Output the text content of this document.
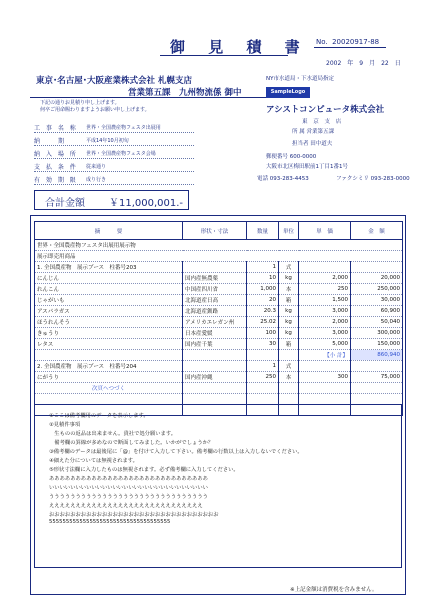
御 見 積 書 No. 20020917-88
2002　年　9　月　22　日
東京･名古屋･大阪産業株式会社 札幌支店
営業第五課　九州物流係 御中
下記の通りお見積り申し上げます。
何卒ご用命賜わりますようお願い申し上げます。
工 事 名 称 世界・全国農産物フェスタ出展用
納　　期	平成14年10月初旬
納 入 場 所 世界・全国農産物フェスタ会場
支 払 条 件 従来通り
有 効 期 限 成り行き
合計金額 ￥11,000,001.-
NY市水道局・下水道局指定
SampleLogo
アシストコンピュータ株式会社
東 京 支 店
所 属 営業第五課
担当者 田中道夫
郵便番号 600-0000
大阪市北区梅田駅前1丁目1番1号
電話 093-283-4453	ファクシミリ 093-283-0000
摘　　　要	形状・寸法	数量	単位	単　価	金　額
世界・全国農産物フェスタ出展用展示物					
展示即売用商品					
1. 全国農産物　展示ブース　柱番号203		1	式		
にんじん	国内産無農薬	10	kg	2,000	20,000
れんこん	中国産四川省	1,000	本	250	250,000
じゃがいも	北海道産日高	20	箱	1,500	30,000
アスパラガス	北海道産釧路	20.3	kg	3,000	60,900
ほうれんそう	アメリカエレガン州	25.02	kg	2,000	50,040
きゅうり	日本産愛媛	100	kg	3,000	300,000
レタス	国内産千葉	30	箱	5,000	150,000
				【小 計】	860,940
2. 全国農産物　展示ブース　柱番号204		1	式		
にがうり	国内産沖縄	250	本	300	75,000
次頁へつづく					

①ここは備考欄用のデータを表示します。
②見積件事項
　生ものの返品は出来ません。貴社で処分願います。
　備考欄の罫線が多めなので断面してみました。いかがでしょうか？
③備考欄のデータは最後尾に「@」を付けて入力して下さい。備考欄の行数以上は入力しないでください。
④細えた分については無視されます。
⑤形状寸法欄に入力したものは無視されます。必ず備考欄に入力してください。
ああああああああああああああああああああああああああああああ
いいいいいいいいいいいいいいいいいいいいいいいいいいいいいい
うううううううううううううううううううううううううううううう
えええええええええええええええええええええええええええええ
おおおおおおおおおおおおおおおおおおおおおおおおおおおおおおおお
555555555555555555555555555555555555
※上記金額は消費税を含みません。
